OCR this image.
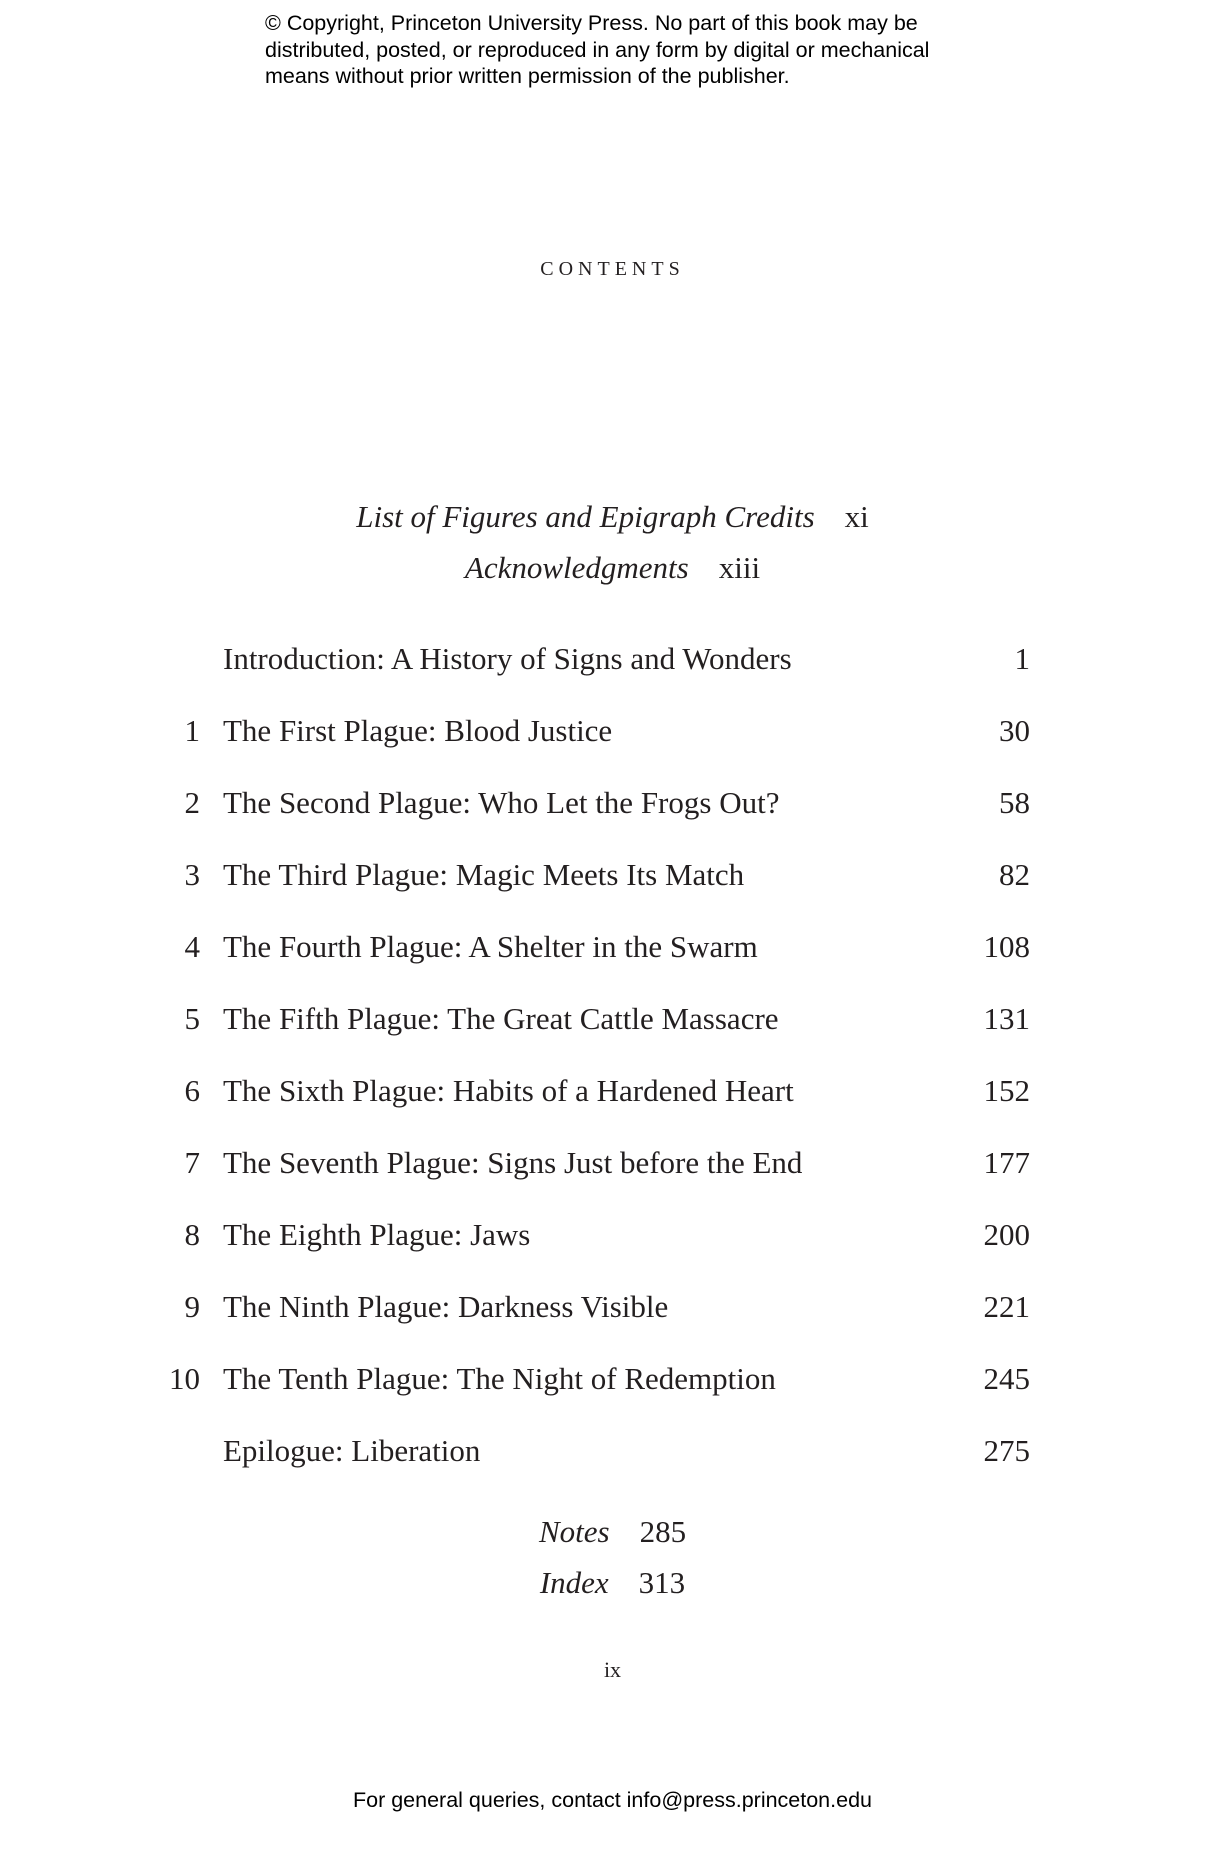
© Copyright, Princeton University Press. No part of this book may be
distributed, posted, or reproduced in any form by digital or mechanical
means without prior written permission of the publisher.
contents
List of Figures and Epigraph Credits xi
Acknowledgments xiii
Introduction: A History of Signs and Wonders	1
1 The First Plague: Blood Justice	30
2 The Second Plague: Who Let the Frogs Out?	58
3 The Third Plague: Magic Meets Its Match	82
4 The Fourth Plague: A Shelter in the Swarm	108
5 The Fifth Plague: The Great Cattle Massacre	131
6 The Sixth Plague: Habits of a Hardened Heart	152
7 The Seventh Plague: Signs Just before the End	177
8 The Eighth Plague: Jaws	200
9 The Ninth Plague: Darkness Visible	221
10 The Tenth Plague: The Night of Redemption	245
Epilogue: Liberation	275
Notes 285
Index 313
ix
For general queries, contact info@press.princeton.edu
